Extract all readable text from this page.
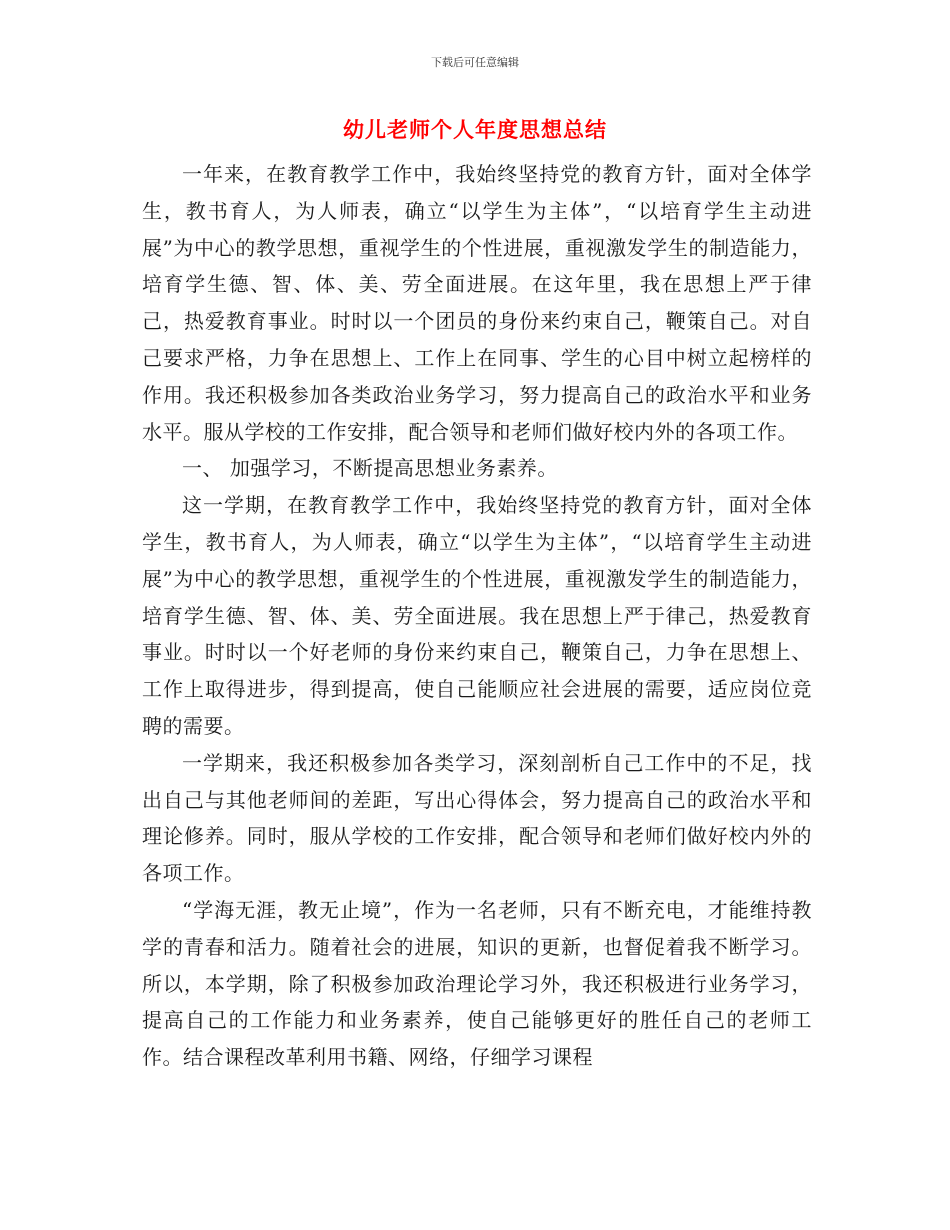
下载后可任意编辑
幼儿老师个人年度思想总结

一年来，在教育教学工作中，我始终坚持党的教育方针，面对全体学生，教书育人，为人师表，确立“以学生为主体”，“以培育学生主动进展”为中心的教学思想，重视学生的个性进展，重视激发学生的制造能力，培育学生德、智、体、美、劳全面进展。在这年里，我在思想上严于律己，热爱教育事业。时时以一个团员的身份来约束自己，鞭策自己。对自己要求严格，力争在思想上、工作上在同事、学生的心目中树立起榜样的作用。我还积极参加各类政治业务学习，努力提高自己的政治水平和业务水平。服从学校的工作安排，配合领导和老师们做好校内外的各项工作。

一、 加强学习，不断提高思想业务素养。

这一学期，在教育教学工作中，我始终坚持党的教育方针，面对全体学生，教书育人，为人师表，确立“以学生为主体”，“以培育学生主动进展”为中心的教学思想，重视学生的个性进展，重视激发学生的制造能力，培育学生德、智、体、美、劳全面进展。我在思想上严于律己，热爱教育事业。时时以一个好老师的身份来约束自己，鞭策自己，力争在思想上、工作上取得进步，得到提高，使自己能顺应社会进展的需要，适应岗位竞聘的需要。

一学期来，我还积极参加各类学习，深刻剖析自己工作中的不足，找出自己与其他老师间的差距，写出心得体会，努力提高自己的政治水平和理论修养。同时，服从学校的工作安排，配合领导和老师们做好校内外的各项工作。

“学海无涯，教无止境”，作为一名老师，只有不断充电，才能维持教学的青春和活力。随着社会的进展，知识的更新，也督促着我不断学习。所以，本学期，除了积极参加政治理论学习外，我还积极进行业务学习，提高自己的工作能力和业务素养，使自己能够更好的胜任自己的老师工作。结合课程改革利用书籍、网络，仔细学习课程
